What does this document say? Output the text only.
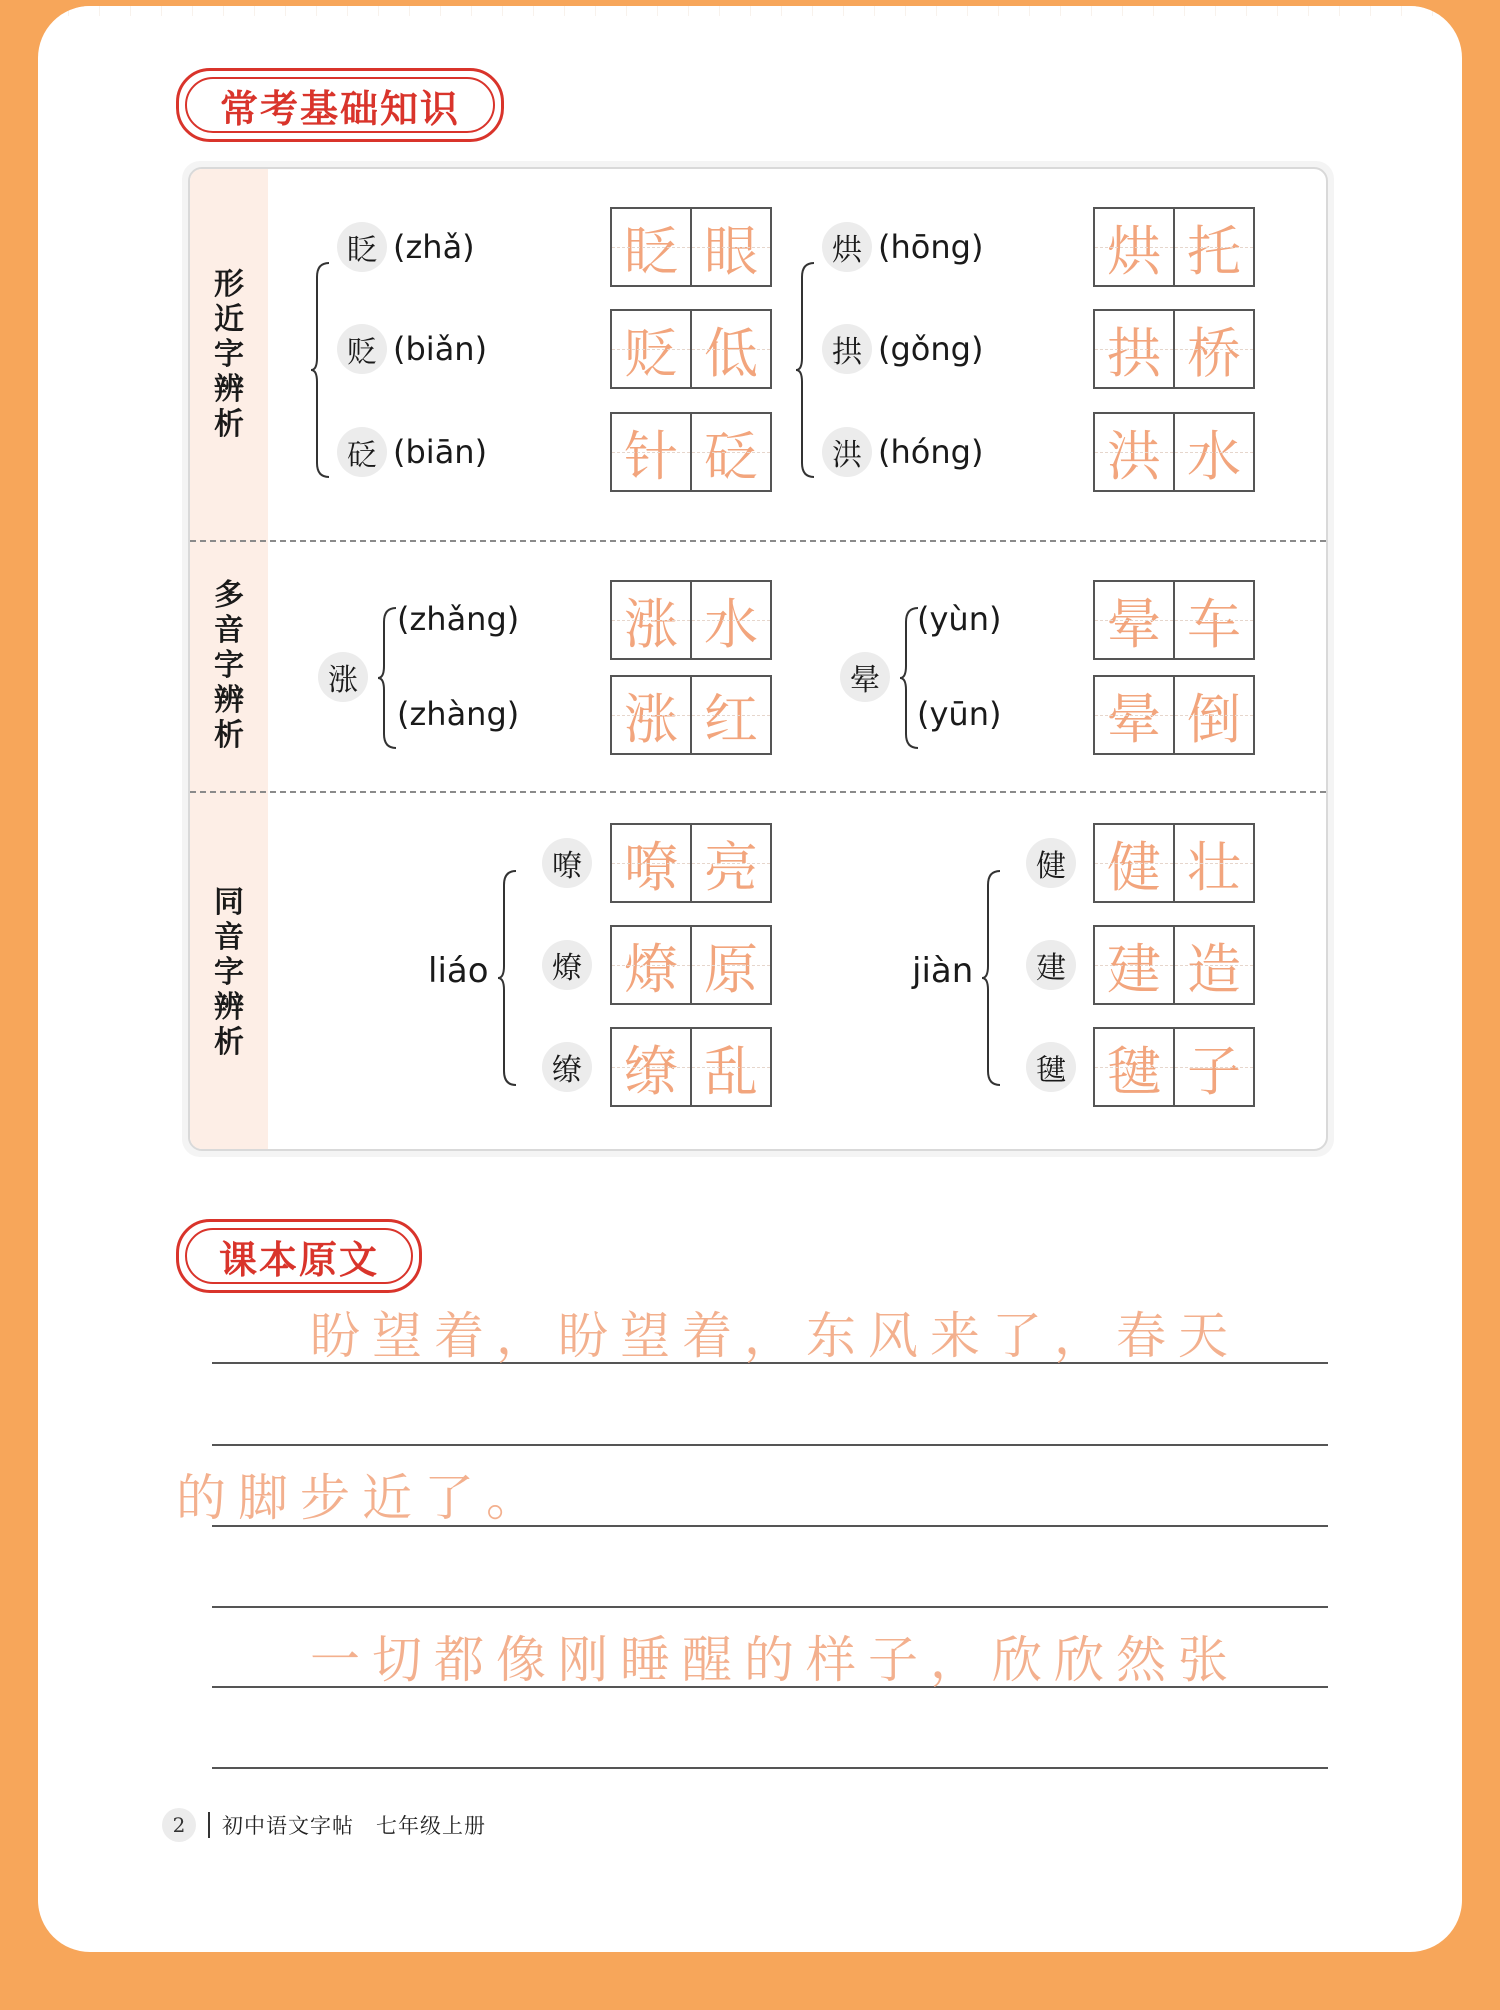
常考基础知识
形
近
字
辨
析
多
音
字
辨
析
同
音
字
辨
析
眨 ( zhǎ )	眨 眼
贬 ( biǎn )	贬 低
砭 ( biān )	针 砭
烘 ( hōng ) 烘 托
拱 ( gǒng ) 拱 桥
洪 ( hóng ) 洪 水
涨
( zhǎng ) 涨 水
( zhàng ) 涨 红
晕
( yùn ) 晕 车
( yūn ) 晕 倒
liáo
嘹 嘹 亮
燎 燎 原
缭 缭 乱
jiàn
健 健 壮
建 建 造
毽 毽 子
课本原文
盼望着，盼望着，东风来了，春天
的脚步近了。
一切都像刚睡醒的样子，欣欣然张
2	初中语文字帖　七年级上册
